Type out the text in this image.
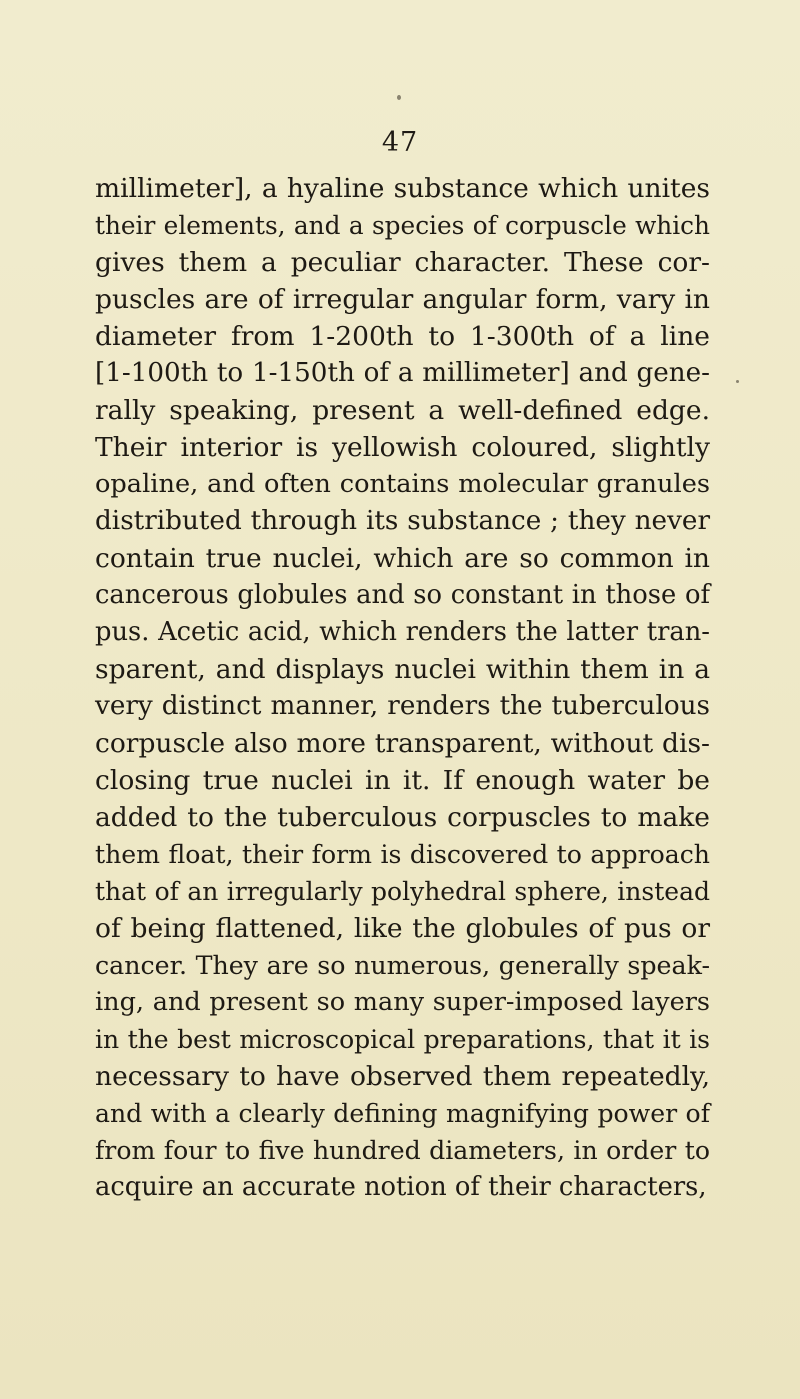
47
millimeter], a hyaline substance which unites
their elements, and a species of corpuscle which
gives them a peculiar character. These cor-
puscles are of irregular angular form, vary in
diameter from 1-200th to 1-300th of a line
[1-100th to 1-150th of a millimeter] and gene-
rally speaking, present a well-defined edge.
Their interior is yellowish coloured, slightly
opaline, and often contains molecular granules
distributed through its substance ; they never
contain true nuclei, which are so common in
cancerous globules and so constant in those of
pus. Acetic acid, which renders the latter tran-
sparent, and displays nuclei within them in a
very distinct manner, renders the tuberculous
corpuscle also more transparent, without dis-
closing true nuclei in it. If enough water be
added to the tuberculous corpuscles to make
them float, their form is discovered to approach
that of an irregularly polyhedral sphere, instead
of being flattened, like the globules of pus or
cancer. They are so numerous, generally speak-
ing, and present so many super-imposed layers
in the best microscopical preparations, that it is
necessary to have observed them repeatedly,
and with a clearly defining magnifying power of
from four to five hundred diameters, in order to
acquire an accurate notion of their characters,
